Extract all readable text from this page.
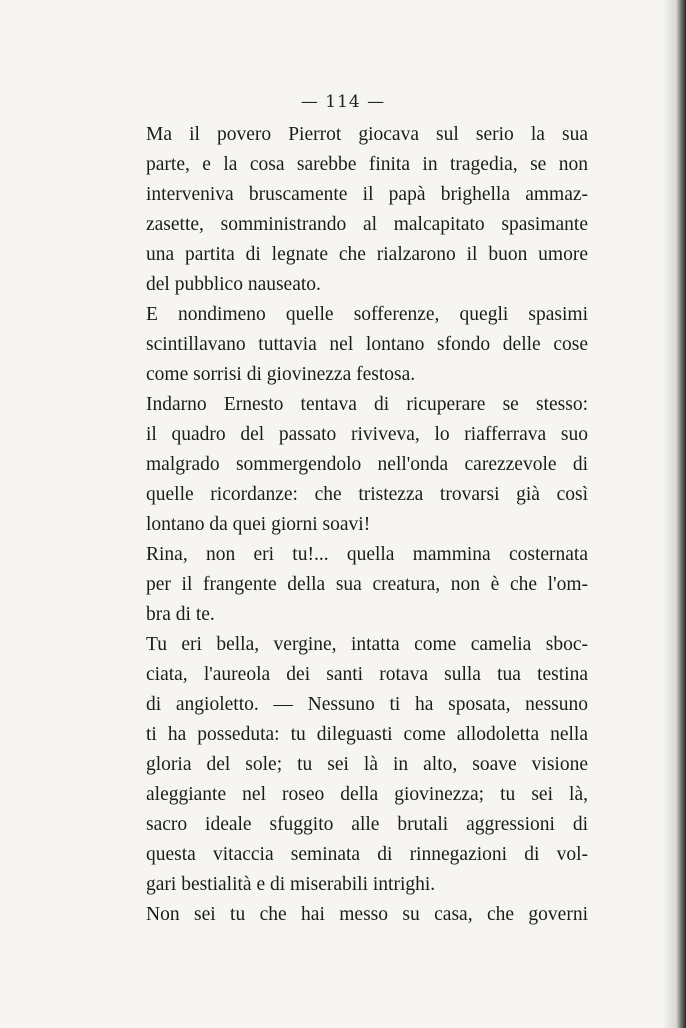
— 114 —
Ma il povero Pierrot giocava sul serio la sua
parte, e la cosa sarebbe finita in tragedia, se non
interveniva bruscamente il papà brighella ammaz-
zasette, somministrando al malcapitato spasimante
una partita di legnate che rialzarono il buon umore
del pubblico nauseato.
E nondimeno quelle sofferenze, quegli spasimi
scintillavano tuttavia nel lontano sfondo delle cose
come sorrisi di giovinezza festosa.
Indarno Ernesto tentava di ricuperare se stesso:
il quadro del passato riviveva, lo riafferrava suo
malgrado sommergendolo nell'onda carezzevole di
quelle ricordanze: che tristezza trovarsi già così
lontano da quei giorni soavi!
Rina, non eri tu!... quella mammina costernata
per il frangente della sua creatura, non è che l'om-
bra di te.
Tu eri bella, vergine, intatta come camelia sboc-
ciata, l'aureola dei santi rotava sulla tua testina
di angioletto. — Nessuno ti ha sposata, nessuno
ti ha posseduta: tu dileguasti come allodoletta nella
gloria del sole; tu sei là in alto, soave visione
aleggiante nel roseo della giovinezza; tu sei là,
sacro ideale sfuggito alle brutali aggressioni di
questa vitaccia seminata di rinnegazioni di vol-
gari bestialità e di miserabili intrighi.
Non sei tu che hai messo su casa, che governi
